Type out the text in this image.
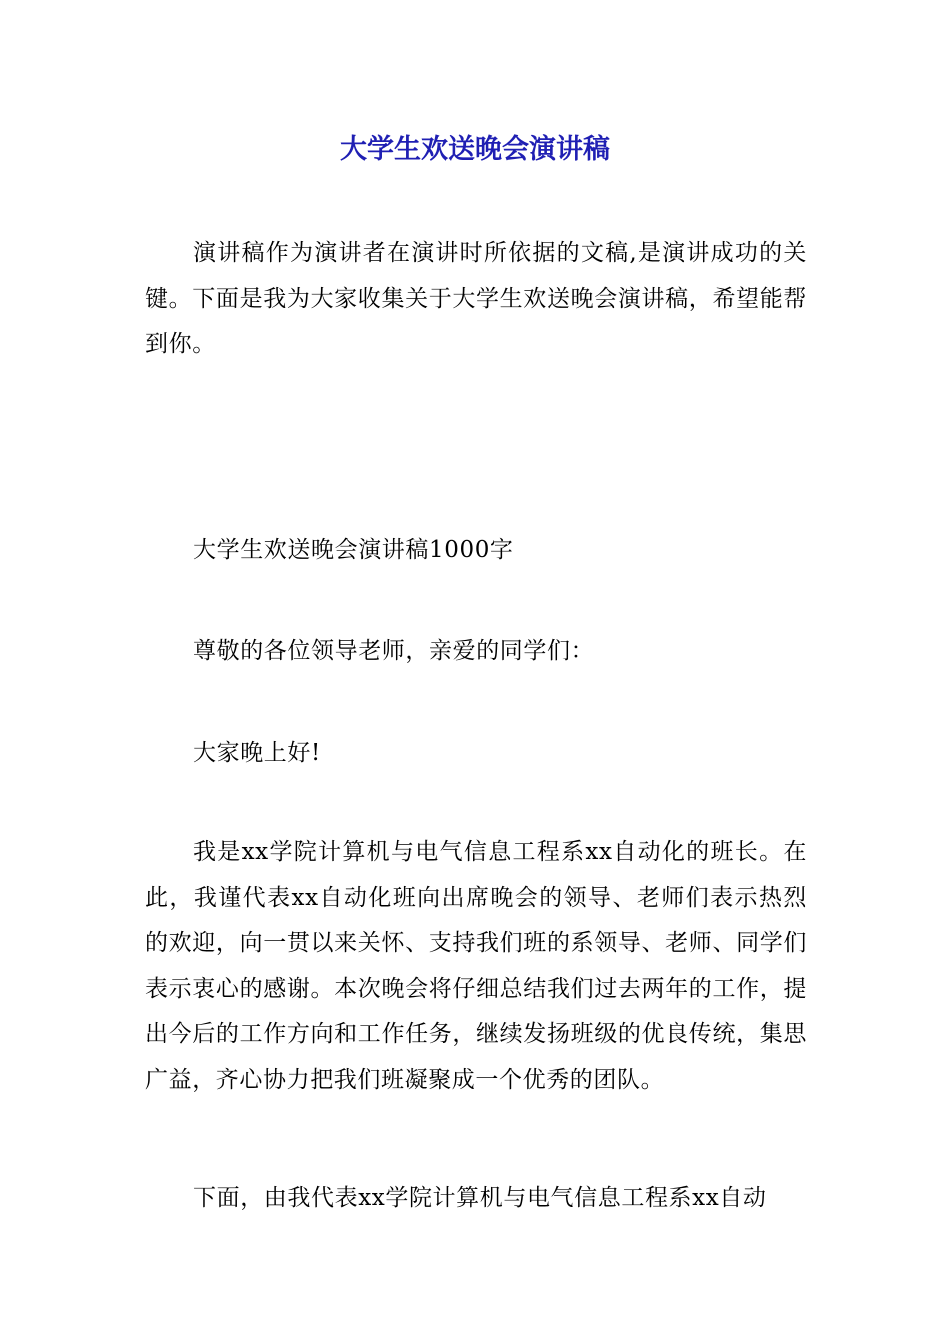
大学生欢送晚会演讲稿

演讲稿作为演讲者在演讲时所依据的文稿,是演讲成功的关键。下面是我为大家收集关于大学生欢送晚会演讲稿，希望能帮到你。

大学生欢送晚会演讲稿1000字

尊敬的各位领导老师，亲爱的同学们：

大家晚上好!

我是xx学院计算机与电气信息工程系xx自动化的班长。在此，我谨代表xx自动化班向出席晚会的领导、老师们表示热烈的欢迎，向一贯以来关怀、支持我们班的系领导、老师、同学们表示衷心的感谢。本次晚会将仔细总结我们过去两年的工作，提出今后的工作方向和工作任务，继续发扬班级的优良传统，集思广益，齐心协力把我们班凝聚成一个优秀的团队。

下面，由我代表xx学院计算机与电气信息工程系xx自动
